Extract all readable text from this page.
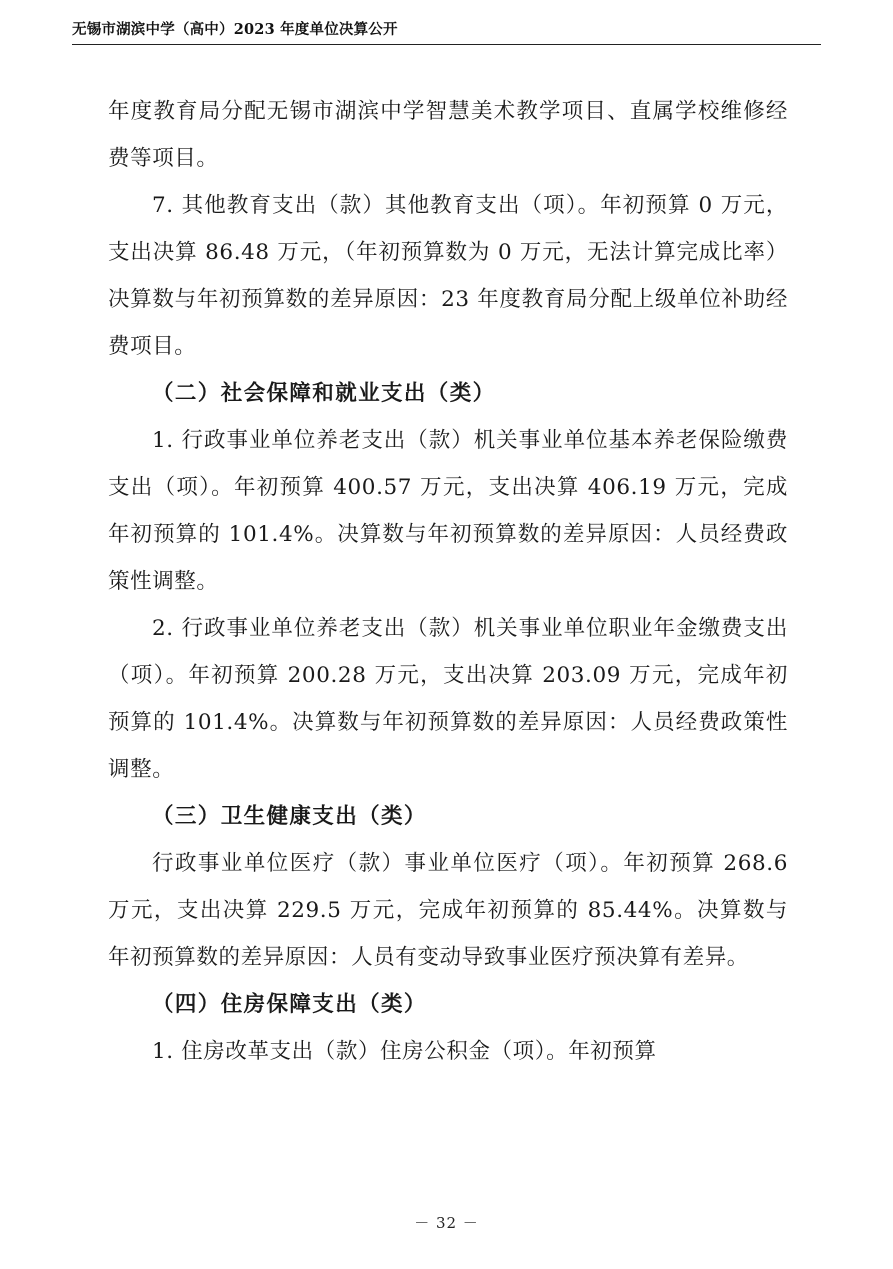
无锡市湖滨中学（高中）2023 年度单位决算公开

年度教育局分配无锡市湖滨中学智慧美术教学项目、直属学校维修经费等项目。

7. 其他教育支出（款）其他教育支出（项）。年初预算 0 万元，支出决算 86.48 万元，（年初预算数为 0 万元，无法计算完成比率）决算数与年初预算数的差异原因：23 年度教育局分配上级单位补助经费项目。

（二）社会保障和就业支出（类）

1. 行政事业单位养老支出（款）机关事业单位基本养老保险缴费支出（项）。年初预算 400.57 万元，支出决算 406.19 万元，完成年初预算的 101.4%。决算数与年初预算数的差异原因：人员经费政策性调整。

2. 行政事业单位养老支出（款）机关事业单位职业年金缴费支出（项）。年初预算 200.28 万元，支出决算 203.09 万元，完成年初预算的 101.4%。决算数与年初预算数的差异原因：人员经费政策性调整。

（三）卫生健康支出（类）

行政事业单位医疗（款）事业单位医疗（项）。年初预算 268.6 万元，支出决算 229.5 万元，完成年初预算的 85.44%。决算数与年初预算数的差异原因：人员有变动导致事业医疗预决算有差异。

（四）住房保障支出（类）

1. 住房改革支出（款）住房公积金（项）。年初预算

－ 32 －
